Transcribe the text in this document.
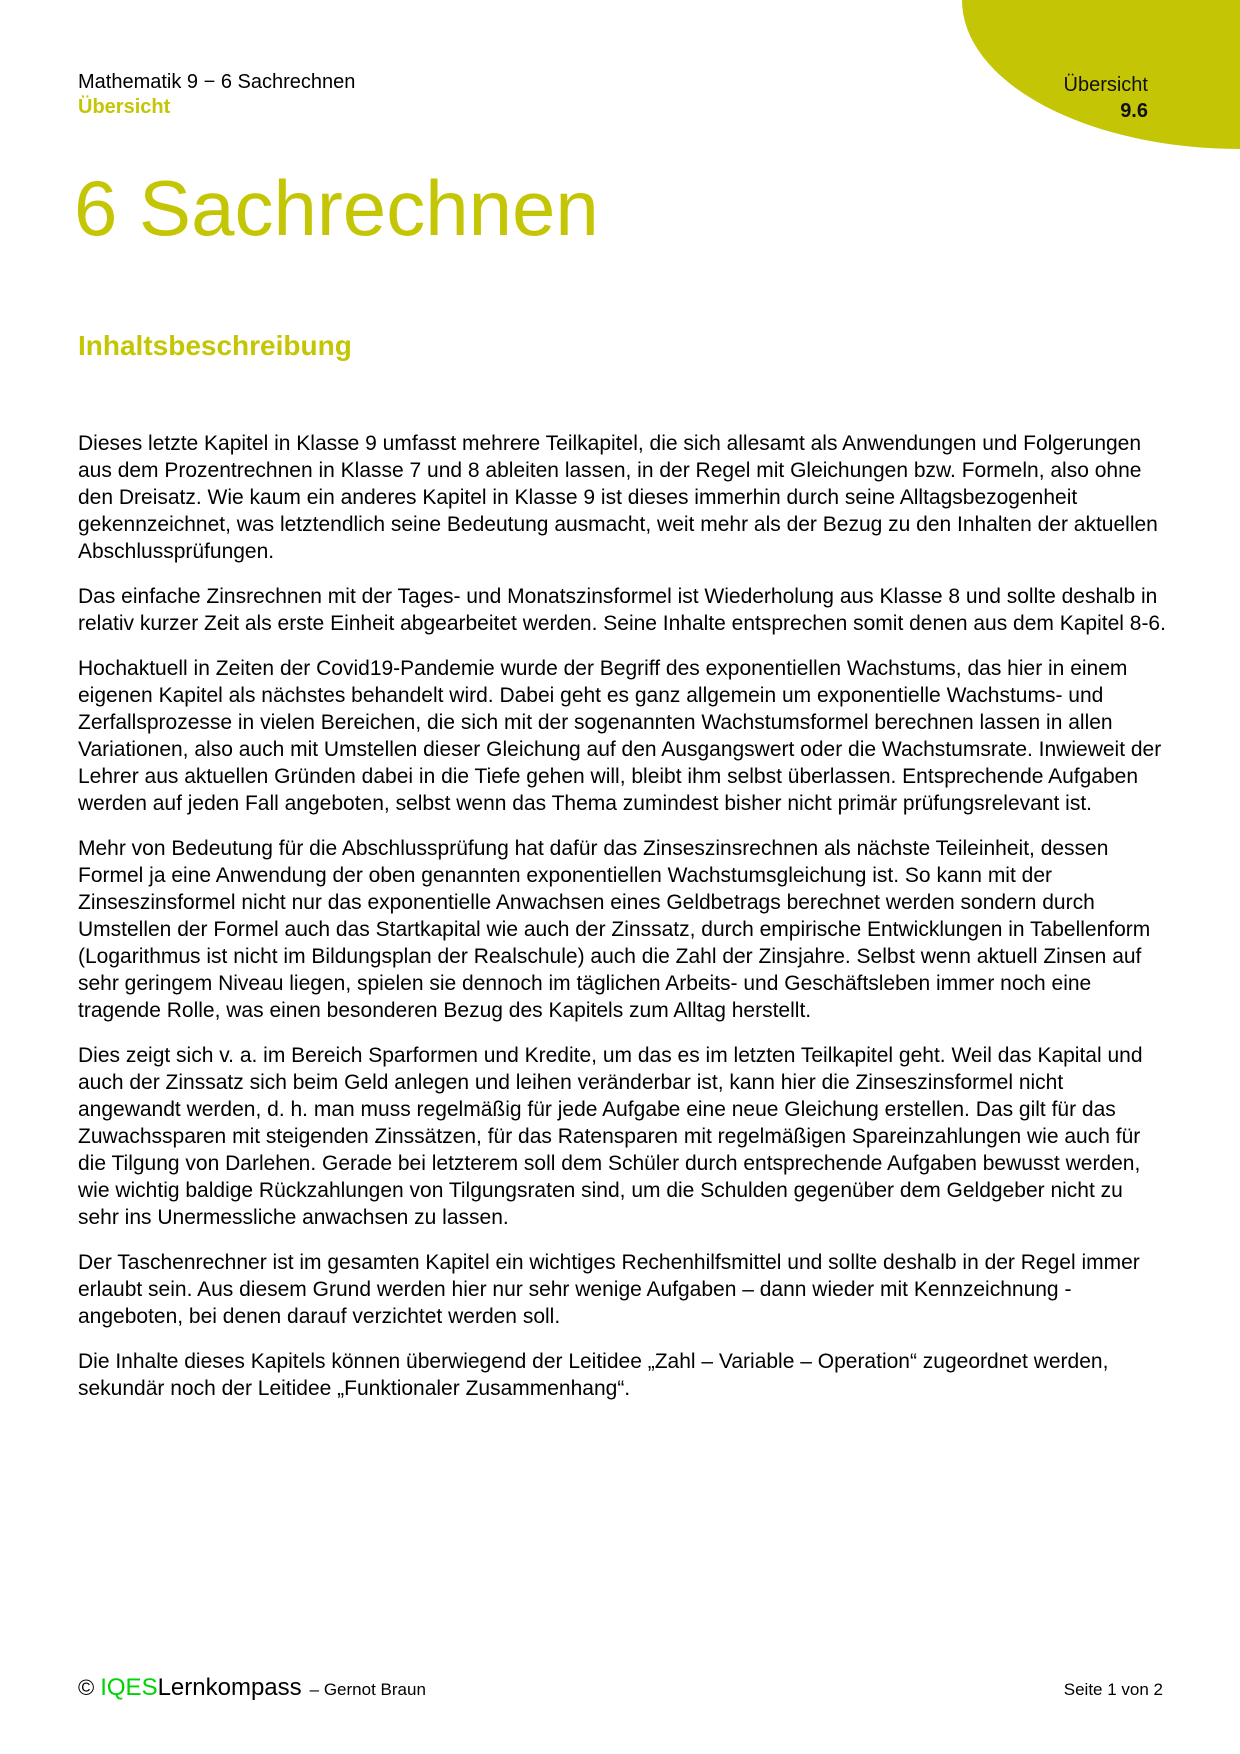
Übersicht
9.6
Mathematik 9 − 6 Sachrechnen
Übersicht
6 Sachrechnen
Inhaltsbeschreibung

Dieses letzte Kapitel in Klasse 9 umfasst mehrere Teilkapitel, die sich allesamt als Anwendungen und Folgerungen aus dem Prozentrechnen in Klasse 7 und 8 ableiten lassen, in der Regel mit Gleichungen bzw. Formeln, also ohne den Dreisatz. Wie kaum ein anderes Kapitel in Klasse 9 ist dieses immerhin durch seine Alltagsbezogenheit gekennzeichnet, was letztendlich seine Bedeutung ausmacht, weit mehr als der Bezug zu den Inhalten der aktuellen Abschlussprüfungen.

Das einfache Zinsrechnen mit der Tages- und Monatszinsformel ist Wiederholung aus Klasse 8 und sollte deshalb in relativ kurzer Zeit als erste Einheit abgearbeitet werden. Seine Inhalte entsprechen somit denen aus dem Kapitel 8-6.

Hochaktuell in Zeiten der Covid19-Pandemie wurde der Begriff des exponentiellen Wachstums, das hier in einem eigenen Kapitel als nächstes behandelt wird. Dabei geht es ganz allgemein um exponentielle Wachstums- und Zerfallsprozesse in vielen Bereichen, die sich mit der sogenannten Wachstumsformel berechnen lassen in allen Variationen, also auch mit Umstellen dieser Gleichung auf den Ausgangswert oder die Wachstumsrate. Inwieweit der Lehrer aus aktuellen Gründen dabei in die Tiefe gehen will, bleibt ihm selbst überlassen. Entsprechende Aufgaben werden auf jeden Fall angeboten, selbst wenn das Thema zumindest bisher nicht primär prüfungsrelevant ist.

Mehr von Bedeutung für die Abschlussprüfung hat dafür das Zinseszinsrechnen als nächste Teileinheit, dessen Formel ja eine Anwendung der oben genannten exponentiellen Wachstumsgleichung ist. So kann mit der Zinseszinsformel nicht nur das exponentielle Anwachsen eines Geldbetrags berechnet werden sondern durch Umstellen der Formel auch das Startkapital wie auch der Zinssatz, durch empirische Entwicklungen in Tabellenform (Logarithmus ist nicht im Bildungsplan der Realschule) auch die Zahl der Zinsjahre. Selbst wenn aktuell Zinsen auf sehr geringem Niveau liegen, spielen sie dennoch im täglichen Arbeits- und Geschäftsleben immer noch eine tragende Rolle, was einen besonderen Bezug des Kapitels zum Alltag herstellt.

Dies zeigt sich v. a. im Bereich Sparformen und Kredite, um das es im letzten Teilkapitel geht. Weil das Kapital und auch der Zinssatz sich beim Geld anlegen und leihen veränderbar ist, kann hier die Zinseszinsformel nicht angewandt werden, d. h. man muss regelmäßig für jede Aufgabe eine neue Gleichung erstellen. Das gilt für das Zuwachssparen mit steigenden Zinssätzen, für das Ratensparen mit regelmäßigen Spareinzahlungen wie auch für die Tilgung von Darlehen. Gerade bei letzterem soll dem Schüler durch entsprechende Aufgaben bewusst werden, wie wichtig baldige Rückzahlungen von Tilgungsraten sind, um die Schulden gegenüber dem Geldgeber nicht zu sehr ins Unermessliche anwachsen zu lassen.

Der Taschenrechner ist im gesamten Kapitel ein wichtiges Rechenhilfsmittel und sollte deshalb in der Regel immer erlaubt sein. Aus diesem Grund werden hier nur sehr wenige Aufgaben – dann wieder mit Kennzeichnung - angeboten, bei denen darauf verzichtet werden soll.

Die Inhalte dieses Kapitels können überwiegend der Leitidee „Zahl – Variable – Operation“ zugeordnet werden, sekundär noch der Leitidee „Funktionaler Zusammenhang“.

© IQESLernkompass – Gernot Braun	Seite 1 von 2
